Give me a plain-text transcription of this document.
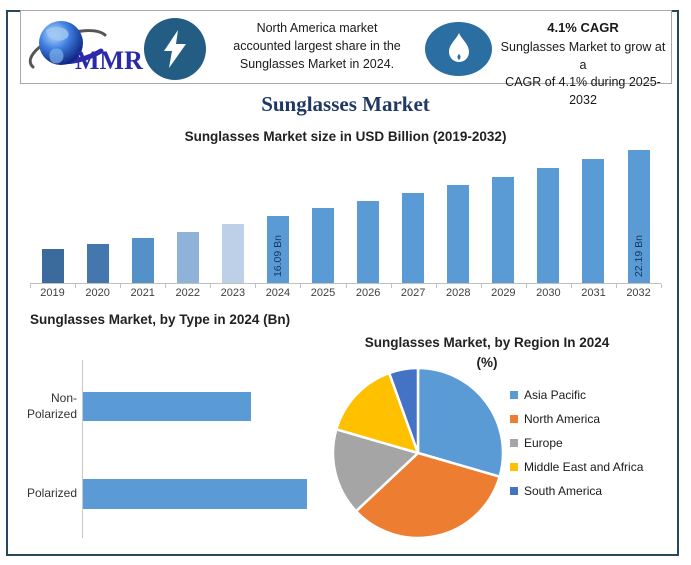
MMR
North America market
accounted largest share in the
Sunglasses Market in 2024.
4.1% CAGR
Sunglasses Market to grow at a
CAGR of 4.1% during 2025-2032
Sunglasses Market
Sunglasses Market size in USD Billion (2019-2032)
16.09 Bn	22.19 Bn
2019	2020	2021	2022	2023	2024	2025	2026	2027	2028	2029	2030	2031	2032
Sunglasses Market, by Type in 2024 (Bn)
Non-Polarized
Polarized
Sunglasses Market, by Region In 2024
(%)
Asia Pacific
North America
Europe
Middle East and Africa
South America
